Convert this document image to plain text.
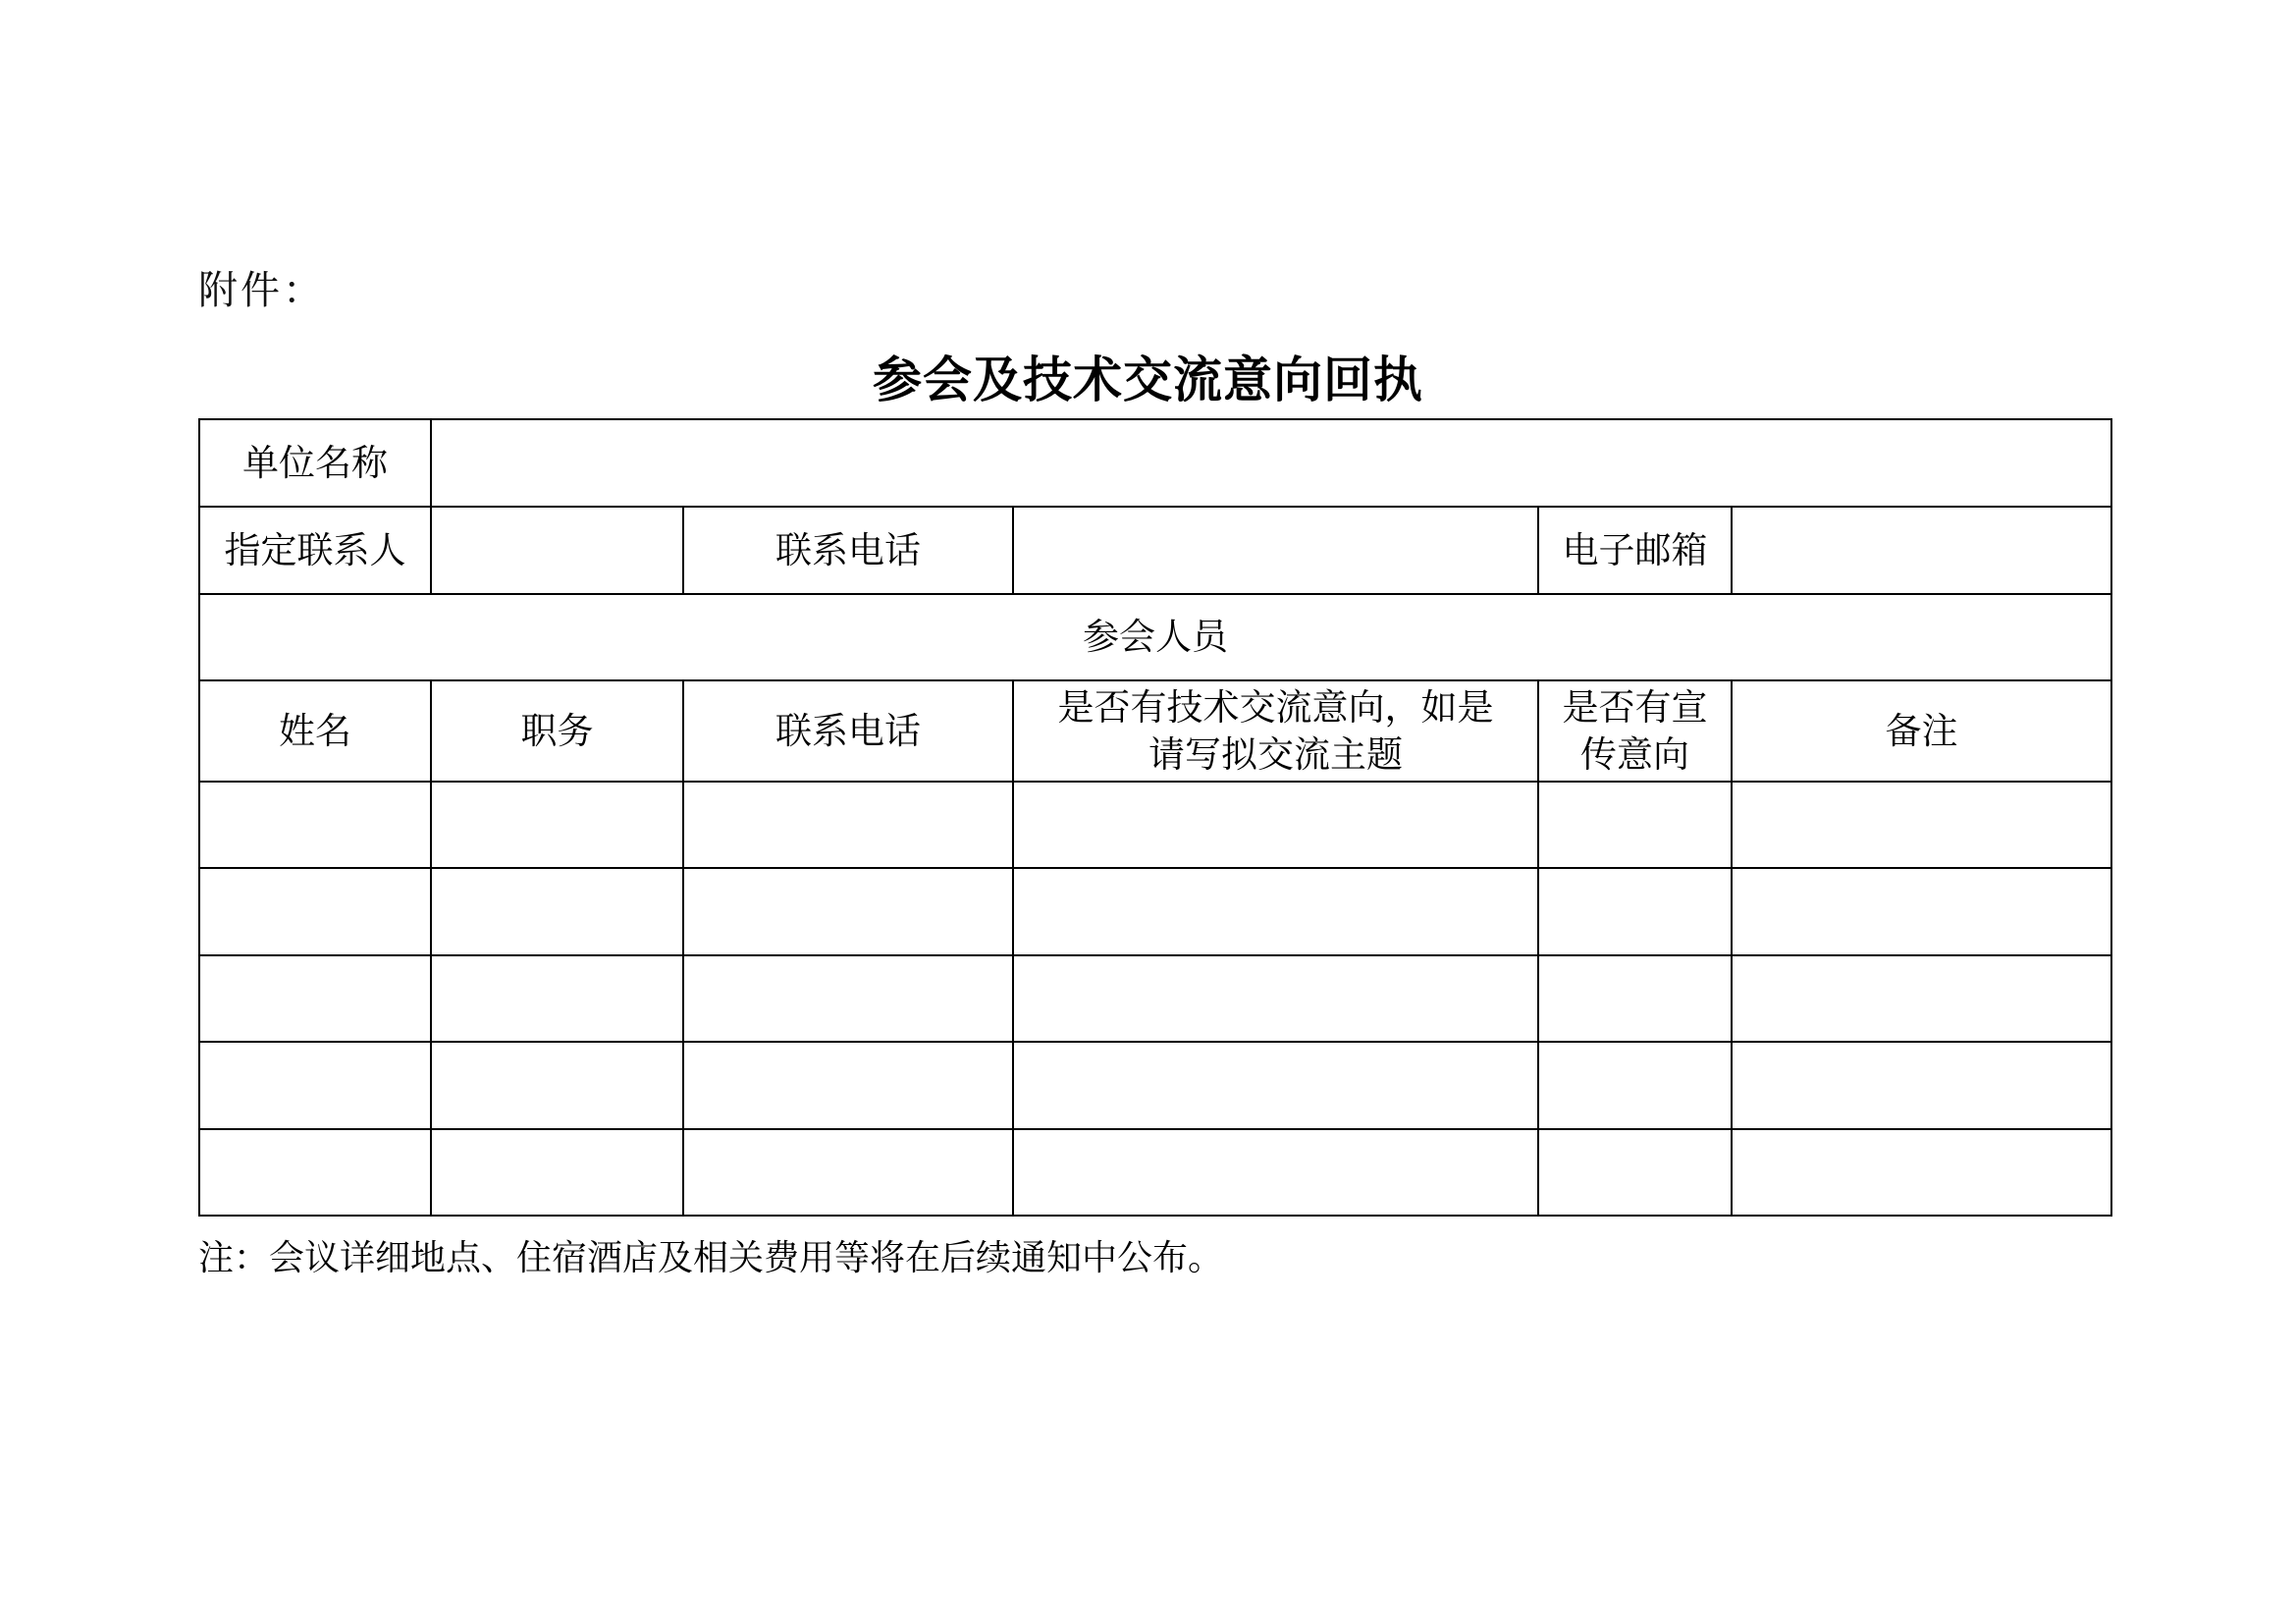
附件：
参会及技术交流意向回执
单位名称					
指定联系人		联系电话		电子邮箱	
参会人员					
姓名	职务	联系电话	是否有技术交流意向，如是请写拟交流主题	是否有宣传意向	备注

注：会议详细地点、住宿酒店及相关费用等将在后续通知中公布。
